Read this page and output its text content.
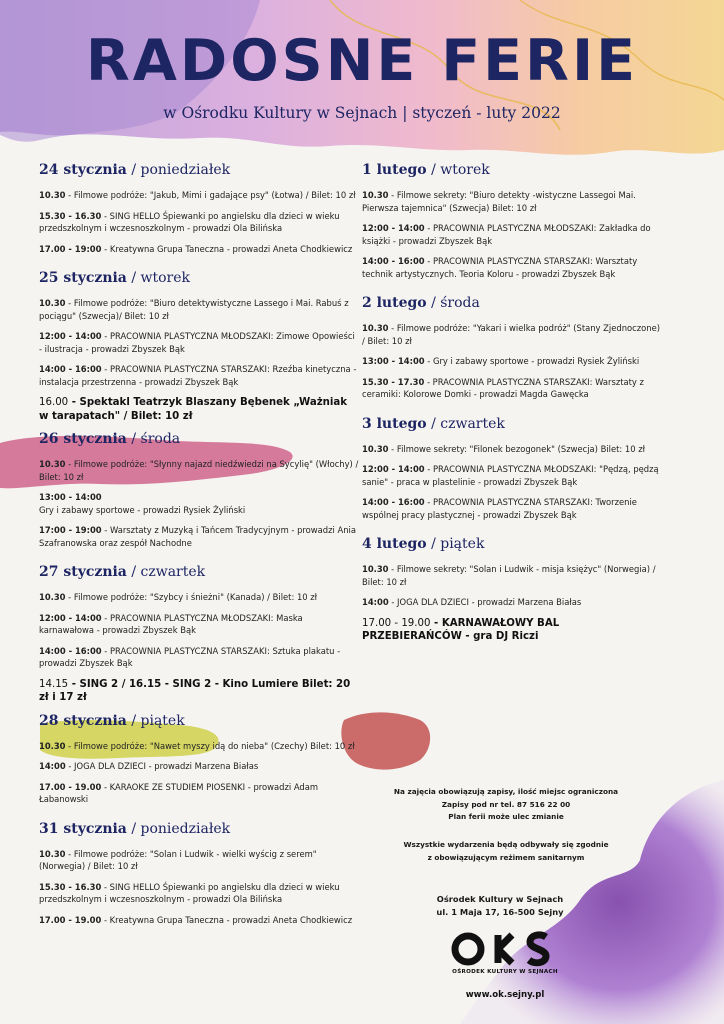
RADOSNE FERIE
w Ośrodku Kultury w Sejnach | styczeń - luty 2022
24 stycznia / poniedziałek
10.30 - Filmowe podróże: "Jakub, Mimi i gadające psy" (Łotwa) / Bilet: 10 zł
15.30 - 16.30 - SING HELLO Śpiewanki po angielsku dla dzieci w wieku przedszkolnym i wczesnoszkolnym - prowadzi Ola Bilińska
17.00 - 19:00 - Kreatywna Grupa Taneczna - prowadzi Aneta Chodkiewicz
25 stycznia / wtorek
10.30 - Filmowe podróże: "Biuro detektywistyczne Lassego i Mai. Rabuś z pociągu" (Szwecja)/ Bilet: 10 zł
12:00 - 14:00 - PRACOWNIA PLASTYCZNA MŁODSZAKI: Zimowe Opowieści - ilustracja - prowadzi Zbyszek Bąk
14:00 - 16:00 - PRACOWNIA PLASTYCZNA STARSZAKI: Rzeźba kinetyczna - instalacja przestrzenna - prowadzi Zbyszek Bąk
16.00 - Spektakl Teatrzyk Blaszany Bębenek „Ważniak w tarapatach" / Bilet: 10 zł
26 stycznia / środa
10.30 - Filmowe podróże: "Słynny najazd niedźwiedzi na Sycylię" (Włochy) / Bilet: 10 zł
13:00 - 14:00
Gry i zabawy sportowe - prowadzi Rysiek Żyliński
17:00 - 19:00 - Warsztaty z Muzyką i Tańcem Tradycyjnym - prowadzi Ania Szafranowska oraz zespół Nachodne
27 stycznia / czwartek
10.30 - Filmowe podróże: "Szybcy i śnieżni" (Kanada) / Bilet: 10 zł
12:00 - 14:00 - PRACOWNIA PLASTYCZNA MŁODSZAKI: Maska karnawałowa - prowadzi Zbyszek Bąk
14:00 - 16:00 - PRACOWNIA PLASTYCZNA STARSZAKI: Sztuka plakatu - prowadzi Zbyszek Bąk
14.15 - SING 2 / 16.15 - SING 2 - Kino Lumiere Bilet: 20 zł i 17 zł
28 stycznia / piątek
10.30 - Filmowe podróże: "Nawet myszy idą do nieba" (Czechy) Bilet: 10 zł
14:00 - JOGA DLA DZIECI - prowadzi Marzena Białas
17.00 - 19.00 - KARAOKE ZE STUDIEM PIOSENKI - prowadzi Adam Łabanowski
31 stycznia / poniedziałek
10.30 - Filmowe podróże: "Solan i Ludwik - wielki wyścig z serem" (Norwegia) / Bilet: 10 zł
15.30 - 16.30 - SING HELLO Śpiewanki po angielsku dla dzieci w wieku przedszkolnym i wczesnoszkolnym - prowadzi Ola Bilińska
17.00 - 19.00 - Kreatywna Grupa Taneczna - prowadzi Aneta Chodkiewicz
1 lutego / wtorek
10.30 - Filmowe sekrety: "Biuro detekty -wistyczne Lassegoi Mai. Pierwsza tajemnica" (Szwecja) Bilet: 10 zł
12:00 - 14:00 - PRACOWNIA PLASTYCZNA MŁODSZAKI: Zakładka do książki - prowadzi Zbyszek Bąk
14:00 - 16:00 - PRACOWNIA PLASTYCZNA STARSZAKI: Warsztaty technik artystycznych. Teoria Koloru - prowadzi Zbyszek Bąk
2 lutego / środa
10.30 - Filmowe podróże: "Yakari i wielka podróż" (Stany Zjednoczone) / Bilet: 10 zł
13:00 - 14:00 - Gry i zabawy sportowe - prowadzi Rysiek Żyliński
15.30 - 17.30 - PRACOWNIA PLASTYCZNA STARSZAKI: Warsztaty z ceramiki: Kolorowe Domki - prowadzi Magda Gawęcka
3 lutego / czwartek
10.30 - Filmowe sekrety: "Filonek bezogonek" (Szwecja) Bilet: 10 zł
12:00 - 14:00 - PRACOWNIA PLASTYCZNA MŁODSZAKI: "Pędzą, pędzą sanie" - praca w plastelinie - prowadzi Zbyszek Bąk
14:00 - 16:00 - PRACOWNIA PLASTYCZNA STARSZAKI: Tworzenie wspólnej pracy plastycznej - prowadzi Zbyszek Bąk
4 lutego / piątek
10.30 - Filmowe sekrety: "Solan i Ludwik - misja księżyc" (Norwegia) / Bilet: 10 zł
14:00 - JOGA DLA DZIECI - prowadzi Marzena Białas
17.00 - 19.00 - KARNAWAŁOWY BAL PRZEBIERAŃCÓW - gra DJ Riczi
Na zajęcia obowiązują zapisy, ilość miejsc ograniczona
Zapisy pod nr tel. 87 516 22 00
Plan ferii może ulec zmianie
Wszystkie wydarzenia będą odbywały się zgodnie
z obowiązującym reżimem sanitarnym
Ośrodek Kultury w Sejnach
ul. 1 Maja 17, 16-500 Sejny
OŚRODEK KULTURY W SEJNACH
www.ok.sejny.pl
